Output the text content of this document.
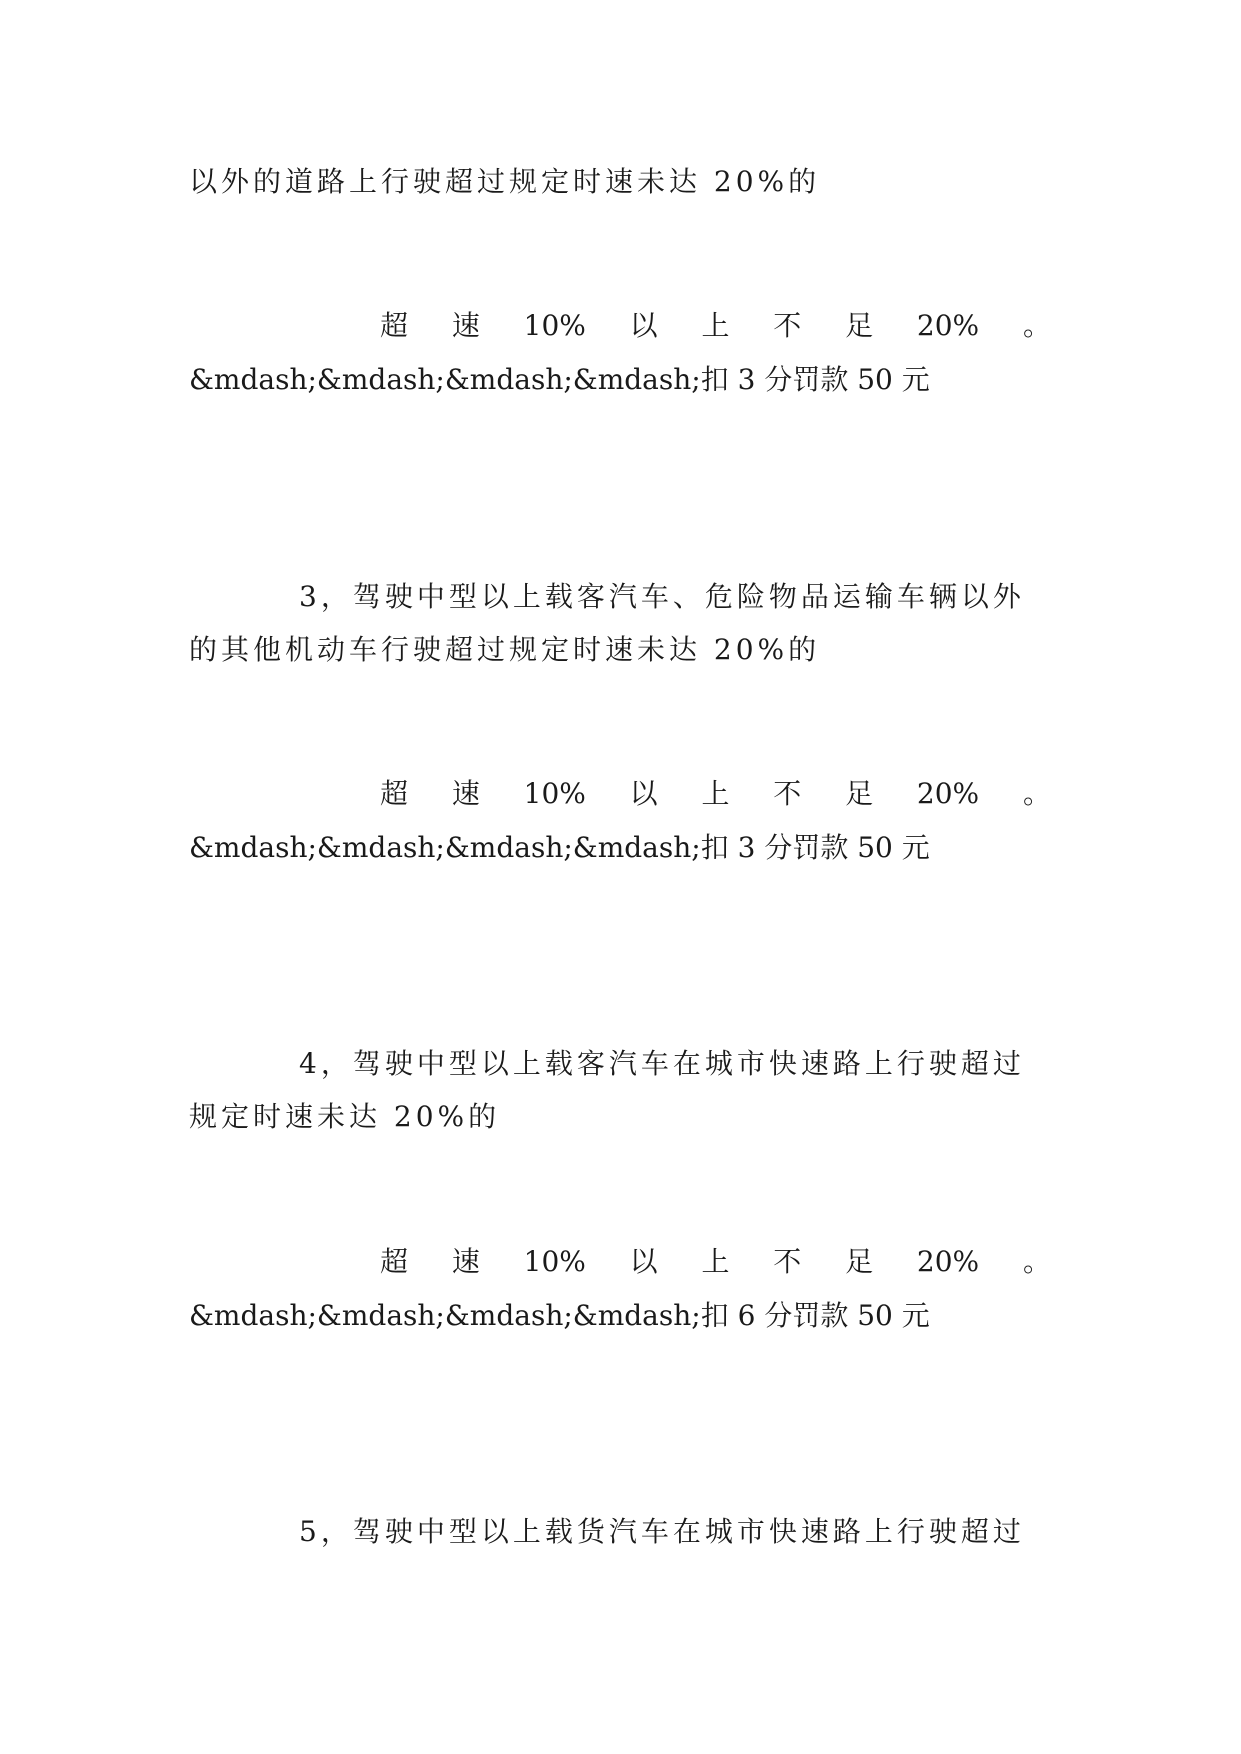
以外的道路上行驶超过规定时速未达 20%的
超 速 10% 以 上 不 足 20% 。
&mdash;&mdash;&mdash;&mdash;扣 3 分罚款 50 元
3，驾驶中型以上载客汽车、危险物品运输车辆以外
的其他机动车行驶超过规定时速未达 20%的
超 速 10% 以 上 不 足 20% 。
&mdash;&mdash;&mdash;&mdash;扣 3 分罚款 50 元
4，驾驶中型以上载客汽车在城市快速路上行驶超过
规定时速未达 20%的
超 速 10% 以 上 不 足 20% 。
&mdash;&mdash;&mdash;&mdash;扣 6 分罚款 50 元
5，驾驶中型以上载货汽车在城市快速路上行驶超过
